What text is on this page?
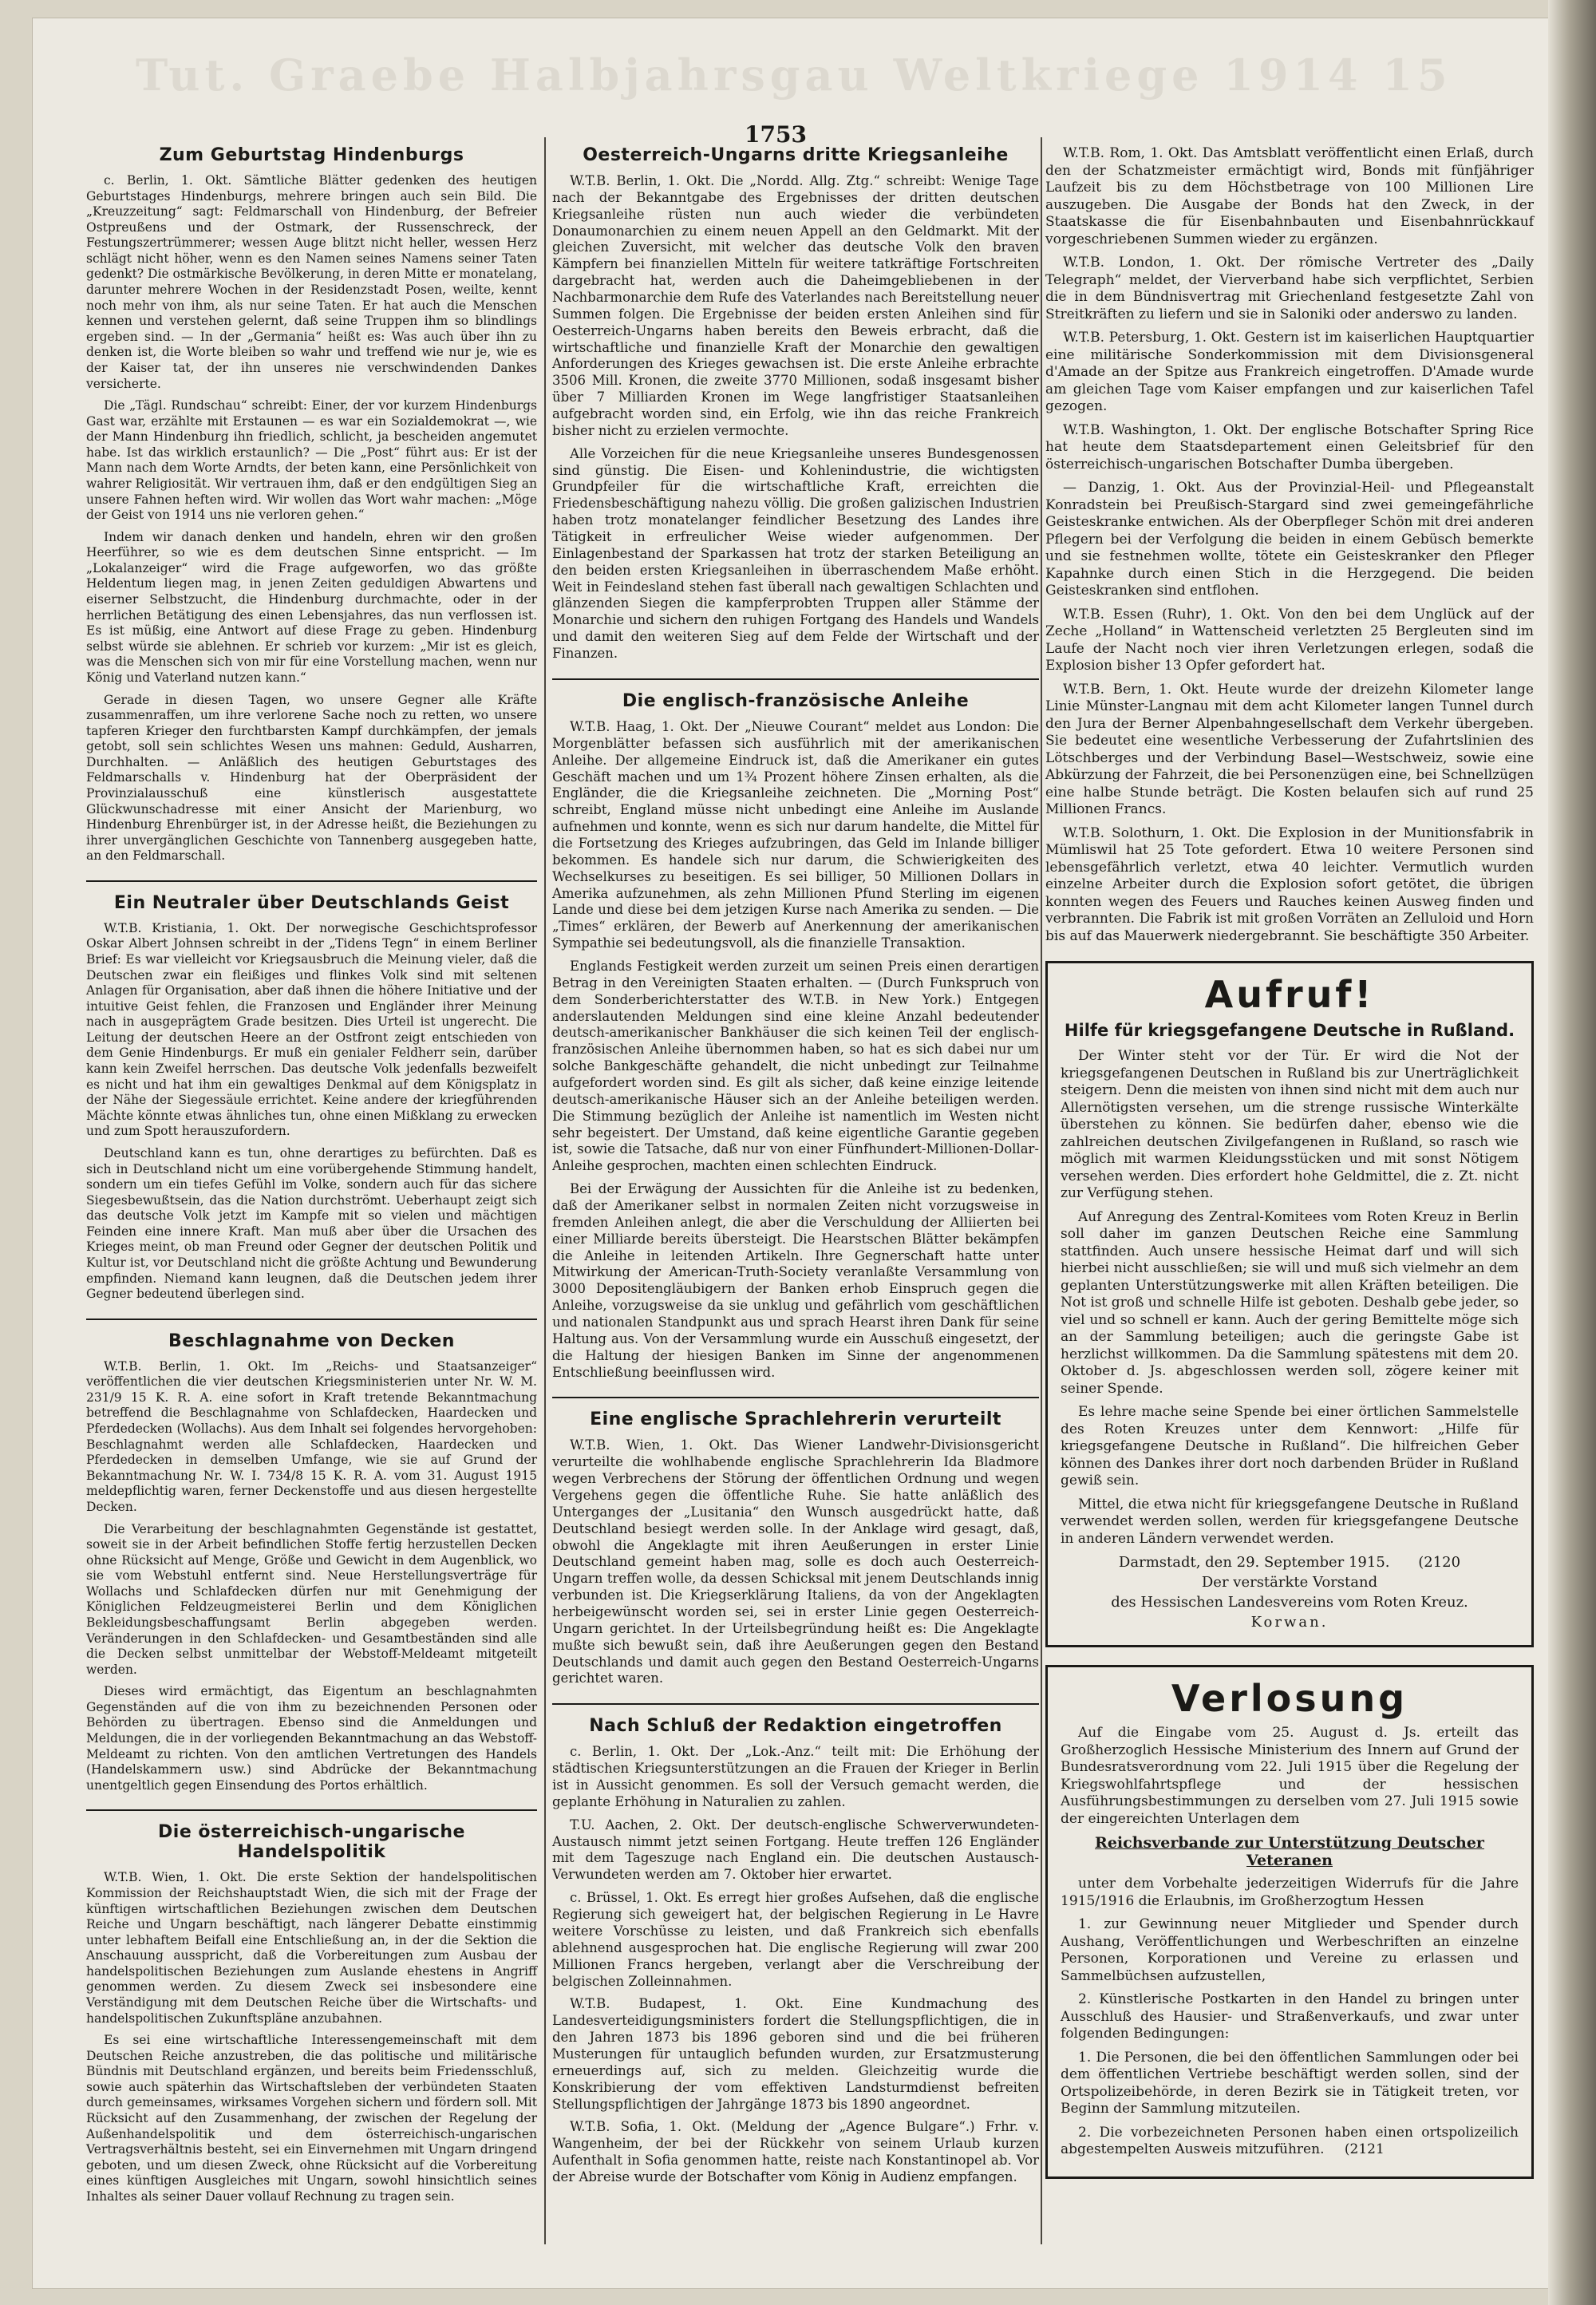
Tut. Graebe Halbjahrsgau Weltkriege 1914 15
1753
Zum Geburtstag Hindenburgs

c. Berlin, 1. Okt. Sämtliche Blätter gedenken des heutigen Geburtstages Hindenburgs, mehrere bringen auch sein Bild. Die „Kreuzzeitung“ sagt: Feldmarschall von Hindenburg, der Befreier Ostpreußens und der Ostmark, der Russenschreck, der Festungszertrümmerer; wessen Auge blitzt nicht heller, wessen Herz schlägt nicht höher, wenn es den Namen seines Namens seiner Taten gedenkt? Die ostmärkische Bevölkerung, in deren Mitte er monatelang, darunter mehrere Wochen in der Residenzstadt Posen, weilte, kennt noch mehr von ihm, als nur seine Taten. Er hat auch die Menschen kennen und verstehen gelernt, daß seine Truppen ihm so blindlings ergeben sind. — In der „Germania“ heißt es: Was auch über ihn zu denken ist, die Worte bleiben so wahr und treffend wie nur je, wie es der Kaiser tat, der ihn unseres nie verschwindenden Dankes versicherte.

Die „Tägl. Rundschau“ schreibt: Einer, der vor kurzem Hindenburgs Gast war, erzählte mit Erstaunen — es war ein Sozialdemokrat —, wie der Mann Hindenburg ihn friedlich, schlicht, ja bescheiden angemutet habe. Ist das wirklich erstaunlich? — Die „Post“ führt aus: Er ist der Mann nach dem Worte Arndts, der beten kann, eine Persönlichkeit von wahrer Religiosität. Wir vertrauen ihm, daß er den endgültigen Sieg an unsere Fahnen heften wird. Wir wollen das Wort wahr machen: „Möge der Geist von 1914 uns nie verloren gehen.“

Indem wir danach denken und handeln, ehren wir den großen Heerführer, so wie es dem deutschen Sinne entspricht. — Im „Lokalanzeiger“ wird die Frage aufgeworfen, wo das größte Heldentum liegen mag, in jenen Zeiten geduldigen Abwartens und eiserner Selbstzucht, die Hindenburg durchmachte, oder in der herrlichen Betätigung des einen Lebensjahres, das nun verflossen ist. Es ist müßig, eine Antwort auf diese Frage zu geben. Hindenburg selbst würde sie ablehnen. Er schrieb vor kurzem: „Mir ist es gleich, was die Menschen sich von mir für eine Vorstellung machen, wenn nur König und Vaterland nutzen kann.“

Gerade in diesen Tagen, wo unsere Gegner alle Kräfte zusammenraffen, um ihre verlorene Sache noch zu retten, wo unsere tapferen Krieger den furchtbarsten Kampf durchkämpfen, der jemals getobt, soll sein schlichtes Wesen uns mahnen: Geduld, Ausharren, Durchhalten. — Anläßlich des heutigen Geburtstages des Feldmarschalls v. Hindenburg hat der Oberpräsident der Provinzialausschuß eine künstlerisch ausgestattete Glückwunschadresse mit einer Ansicht der Marienburg, wo Hindenburg Ehrenbürger ist, in der Adresse heißt, die Beziehungen zu ihrer unvergänglichen Geschichte von Tannenberg ausgegeben hatte, an den Feldmarschall.

Ein Neutraler über Deutschlands Geist

W.T.B. Kristiania, 1. Okt. Der norwegische Geschichtsprofessor Oskar Albert Johnsen schreibt in der „Tidens Tegn“ in einem Berliner Brief: Es war vielleicht vor Kriegsausbruch die Meinung vieler, daß die Deutschen zwar ein fleißiges und flinkes Volk sind mit seltenen Anlagen für Organisation, aber daß ihnen die höhere Initiative und der intuitive Geist fehlen, die Franzosen und Engländer ihrer Meinung nach in ausgeprägtem Grade besitzen. Dies Urteil ist ungerecht. Die Leitung der deutschen Heere an der Ostfront zeigt entschieden von dem Genie Hindenburgs. Er muß ein genialer Feldherr sein, darüber kann kein Zweifel herrschen. Das deutsche Volk jedenfalls bezweifelt es nicht und hat ihm ein gewaltiges Denkmal auf dem Königsplatz in der Nähe der Siegessäule errichtet. Keine andere der kriegführenden Mächte könnte etwas ähnliches tun, ohne einen Mißklang zu erwecken und zum Spott herauszufordern.

Deutschland kann es tun, ohne derartiges zu befürchten. Daß es sich in Deutschland nicht um eine vorübergehende Stimmung handelt, sondern um ein tiefes Gefühl im Volke, sondern auch für das sichere Siegesbewußtsein, das die Nation durchströmt. Ueberhaupt zeigt sich das deutsche Volk jetzt im Kampfe mit so vielen und mächtigen Feinden eine innere Kraft. Man muß aber über die Ursachen des Krieges meint, ob man Freund oder Gegner der deutschen Politik und Kultur ist, vor Deutschland nicht die größte Achtung und Bewunderung empfinden. Niemand kann leugnen, daß die Deutschen jedem ihrer Gegner bedeutend überlegen sind.

Beschlagnahme von Decken

W.T.B. Berlin, 1. Okt. Im „Reichs- und Staatsanzeiger“ veröffentlichen die vier deutschen Kriegsministerien unter Nr. W. M. 231/9 15 K. R. A. eine sofort in Kraft tretende Bekanntmachung betreffend die Beschlagnahme von Schlafdecken, Haardecken und Pferdedecken (Wollachs). Aus dem Inhalt sei folgendes hervorgehoben: Beschlagnahmt werden alle Schlafdecken, Haardecken und Pferdedecken in demselben Umfange, wie sie auf Grund der Bekanntmachung Nr. W. I. 734/8 15 K. R. A. vom 31. August 1915 meldepflichtig waren, ferner Deckenstoffe und aus diesen hergestellte Decken.

Die Verarbeitung der beschlagnahmten Gegenstände ist gestattet, soweit sie in der Arbeit befindlichen Stoffe fertig herzustellen Decken ohne Rücksicht auf Menge, Größe und Gewicht in dem Augenblick, wo sie vom Webstuhl entfernt sind. Neue Herstellungsverträge für Wollachs und Schlafdecken dürfen nur mit Genehmigung der Königlichen Feldzeugmeisterei Berlin und dem Königlichen Bekleidungsbeschaffungsamt Berlin abgegeben werden. Veränderungen in den Schlafdecken- und Gesamtbeständen sind alle die Decken selbst unmittelbar der Webstoff-Meldeamt mitgeteilt werden.

Dieses wird ermächtigt, das Eigentum an beschlagnahmten Gegenständen auf die von ihm zu bezeichnenden Personen oder Behörden zu übertragen. Ebenso sind die Anmeldungen und Meldungen, die in der vorliegenden Bekanntmachung an das Webstoff-Meldeamt zu richten. Von den amtlichen Vertretungen des Handels (Handelskammern usw.) sind Abdrücke der Bekanntmachung unentgeltlich gegen Einsendung des Portos erhältlich.

Die österreichisch-ungarische Handelspolitik

W.T.B. Wien, 1. Okt. Die erste Sektion der handelspolitischen Kommission der Reichshauptstadt Wien, die sich mit der Frage der künftigen wirtschaftlichen Beziehungen zwischen dem Deutschen Reiche und Ungarn beschäftigt, nach längerer Debatte einstimmig unter lebhaftem Beifall eine Entschließung an, in der die Sektion die Anschauung ausspricht, daß die Vorbereitungen zum Ausbau der handelspolitischen Beziehungen zum Auslande ehestens in Angriff genommen werden. Zu diesem Zweck sei insbesondere eine Verständigung mit dem Deutschen Reiche über die Wirtschafts- und handelspolitischen Zukunftspläne anzubahnen.

Es sei eine wirtschaftliche Interessengemeinschaft mit dem Deutschen Reiche anzustreben, die das politische und militärische Bündnis mit Deutschland ergänzen, und bereits beim Friedensschluß, sowie auch späterhin das Wirtschaftsleben der verbündeten Staaten durch gemeinsames, wirksames Vorgehen sichern und fördern soll. Mit Rücksicht auf den Zusammenhang, der zwischen der Regelung der Außenhandelspolitik und dem österreichisch-ungarischen Vertragsverhältnis besteht, sei ein Einvernehmen mit Ungarn dringend geboten, und um diesen Zweck, ohne Rücksicht auf die Vorbereitung eines künftigen Ausgleiches mit Ungarn, sowohl hinsichtlich seines Inhaltes als seiner Dauer vollauf Rechnung zu tragen sein.

Oesterreich-Ungarns dritte Kriegsanleihe

W.T.B. Berlin, 1. Okt. Die „Nordd. Allg. Ztg.“ schreibt: Wenige Tage nach der Bekanntgabe des Ergebnisses der dritten deutschen Kriegsanleihe rüsten nun auch wieder die verbündeten Donaumonarchien zu einem neuen Appell an den Geldmarkt. Mit der gleichen Zuversicht, mit welcher das deutsche Volk den braven Kämpfern bei finanziellen Mitteln für weitere tatkräftige Fortschreiten dargebracht hat, werden auch die Daheimgebliebenen in der Nachbarmonarchie dem Rufe des Vaterlandes nach Bereitstellung neuer Summen folgen. Die Ergebnisse der beiden ersten Anleihen sind für Oesterreich-Ungarns haben bereits den Beweis erbracht, daß die wirtschaftliche und finanzielle Kraft der Monarchie den gewaltigen Anforderungen des Krieges gewachsen ist. Die erste Anleihe erbrachte 3506 Mill. Kronen, die zweite 3770 Millionen, sodaß insgesamt bisher über 7 Milliarden Kronen im Wege langfristiger Staatsanleihen aufgebracht worden sind, ein Erfolg, wie ihn das reiche Frankreich bisher nicht zu erzielen vermochte.

Alle Vorzeichen für die neue Kriegsanleihe unseres Bundesgenossen sind günstig. Die Eisen- und Kohlenindustrie, die wichtigsten Grundpfeiler für die wirtschaftliche Kraft, erreichten die Friedensbeschäftigung nahezu völlig. Die großen galizischen Industrien haben trotz monatelanger feindlicher Besetzung des Landes ihre Tätigkeit in erfreulicher Weise wieder aufgenommen. Der Einlagenbestand der Sparkassen hat trotz der starken Beteiligung an den beiden ersten Kriegsanleihen in überraschendem Maße erhöht. Weit in Feindesland stehen fast überall nach gewaltigen Schlachten und glänzenden Siegen die kampferprobten Truppen aller Stämme der Monarchie und sichern den ruhigen Fortgang des Handels und Wandels und damit den weiteren Sieg auf dem Felde der Wirtschaft und der Finanzen.

Die englisch-französische Anleihe

W.T.B. Haag, 1. Okt. Der „Nieuwe Courant“ meldet aus London: Die Morgenblätter befassen sich ausführlich mit der amerikanischen Anleihe. Der allgemeine Eindruck ist, daß die Amerikaner ein gutes Geschäft machen und um 1¾ Prozent höhere Zinsen erhalten, als die Engländer, die die Kriegsanleihe zeichneten. Die „Morning Post“ schreibt, England müsse nicht unbedingt eine Anleihe im Auslande aufnehmen und konnte, wenn es sich nur darum handelte, die Mittel für die Fortsetzung des Krieges aufzubringen, das Geld im Inlande billiger bekommen. Es handele sich nur darum, die Schwierigkeiten des Wechselkurses zu beseitigen. Es sei billiger, 50 Millionen Dollars in Amerika aufzunehmen, als zehn Millionen Pfund Sterling im eigenen Lande und diese bei dem jetzigen Kurse nach Amerika zu senden. — Die „Times“ erklären, der Bewerb auf Anerkennung der amerikanischen Sympathie sei bedeutungsvoll, als die finanzielle Transaktion.

Englands Festigkeit werden zurzeit um seinen Preis einen derartigen Betrag in den Vereinigten Staaten erhalten. — (Durch Funkspruch von dem Sonderberichterstatter des W.T.B. in New York.) Entgegen anderslautenden Meldungen sind eine kleine Anzahl bedeutender deutsch-amerikanischer Bankhäuser die sich keinen Teil der englisch-französischen Anleihe übernommen haben, so hat es sich dabei nur um solche Bankgeschäfte gehandelt, die nicht unbedingt zur Teilnahme aufgefordert worden sind. Es gilt als sicher, daß keine einzige leitende deutsch-amerikanische Häuser sich an der Anleihe beteiligen werden. Die Stimmung bezüglich der Anleihe ist namentlich im Westen nicht sehr begeistert. Der Umstand, daß keine eigentliche Garantie gegeben ist, sowie die Tatsache, daß nur von einer Fünfhundert-Millionen-Dollar-Anleihe gesprochen, machten einen schlechten Eindruck.

Bei der Erwägung der Aussichten für die Anleihe ist zu bedenken, daß der Amerikaner selbst in normalen Zeiten nicht vorzugsweise in fremden Anleihen anlegt, die aber die Verschuldung der Alliierten bei einer Milliarde bereits übersteigt. Die Hearstschen Blätter bekämpfen die Anleihe in leitenden Artikeln. Ihre Gegnerschaft hatte unter Mitwirkung der American-Truth-Society veranlaßte Versammlung von 3000 Depositengläubigern der Banken erhob Einspruch gegen die Anleihe, vorzugsweise da sie unklug und gefährlich vom geschäftlichen und nationalen Standpunkt aus und sprach Hearst ihren Dank für seine Haltung aus. Von der Versammlung wurde ein Ausschuß eingesetzt, der die Haltung der hiesigen Banken im Sinne der angenommenen Entschließung beeinflussen wird.

Eine englische Sprachlehrerin verurteilt

W.T.B. Wien, 1. Okt. Das Wiener Landwehr-Divisionsgericht verurteilte die wohlhabende englische Sprachlehrerin Ida Bladmore wegen Verbrechens der Störung der öffentlichen Ordnung und wegen Vergehens gegen die öffentliche Ruhe. Sie hatte anläßlich des Unterganges der „Lusitania“ den Wunsch ausgedrückt hatte, daß Deutschland besiegt werden solle. In der Anklage wird gesagt, daß, obwohl die Angeklagte mit ihren Aeußerungen in erster Linie Deutschland gemeint haben mag, solle es doch auch Oesterreich-Ungarn treffen wolle, da dessen Schicksal mit jenem Deutschlands innig verbunden ist. Die Kriegserklärung Italiens, da von der Angeklagten herbeigewünscht worden sei, sei in erster Linie gegen Oesterreich-Ungarn gerichtet. In der Urteilsbegründung heißt es: Die Angeklagte mußte sich bewußt sein, daß ihre Aeußerungen gegen den Bestand Deutschlands und damit auch gegen den Bestand Oesterreich-Ungarns gerichtet waren.

Nach Schluß der Redaktion eingetroffen

c. Berlin, 1. Okt. Der „Lok.-Anz.“ teilt mit: Die Erhöhung der städtischen Kriegsunterstützungen an die Frauen der Krieger in Berlin ist in Aussicht genommen. Es soll der Versuch gemacht werden, die geplante Erhöhung in Naturalien zu zahlen.

T.U. Aachen, 2. Okt. Der deutsch-englische Schwerverwundeten-Austausch nimmt jetzt seinen Fortgang. Heute treffen 126 Engländer mit dem Tageszuge nach England ein. Die deutschen Austausch-Verwundeten werden am 7. Oktober hier erwartet.

c. Brüssel, 1. Okt. Es erregt hier großes Aufsehen, daß die englische Regierung sich geweigert hat, der belgischen Regierung in Le Havre weitere Vorschüsse zu leisten, und daß Frankreich sich ebenfalls ablehnend ausgesprochen hat. Die englische Regierung will zwar 200 Millionen Francs hergeben, verlangt aber die Verschreibung der belgischen Zolleinnahmen.

W.T.B. Budapest, 1. Okt. Eine Kundmachung des Landesverteidigungsministers fordert die Stellungspflichtigen, die in den Jahren 1873 bis 1896 geboren sind und die bei früheren Musterungen für untauglich befunden wurden, zur Ersatzmusterung erneuerdings auf, sich zu melden. Gleichzeitig wurde die Konskribierung der vom effektiven Landsturmdienst befreiten Stellungspflichtigen der Jahrgänge 1873 bis 1890 angeordnet.

W.T.B. Sofia, 1. Okt. (Meldung der „Agence Bulgare“.) Frhr. v. Wangenheim, der bei der Rückkehr von seinem Urlaub kurzen Aufenthalt in Sofia genommen hatte, reiste nach Konstantinopel ab. Vor der Abreise wurde der Botschafter vom König in Audienz empfangen.

W.T.B. Rom, 1. Okt. Das Amtsblatt veröffentlicht einen Erlaß, durch den der Schatzmeister ermächtigt wird, Bonds mit fünfjähriger Laufzeit bis zu dem Höchstbetrage von 100 Millionen Lire auszugeben. Die Ausgabe der Bonds hat den Zweck, in der Staatskasse die für Eisenbahnbauten und Eisenbahnrückkauf vorgeschriebenen Summen wieder zu ergänzen.

W.T.B. London, 1. Okt. Der römische Vertreter des „Daily Telegraph“ meldet, der Vierverband habe sich verpflichtet, Serbien die in dem Bündnisvertrag mit Griechenland festgesetzte Zahl von Streitkräften zu liefern und sie in Saloniki oder anderswo zu landen.

W.T.B. Petersburg, 1. Okt. Gestern ist im kaiserlichen Hauptquartier eine militärische Sonderkommission mit dem Divisionsgeneral d'Amade an der Spitze aus Frankreich eingetroffen. D'Amade wurde am gleichen Tage vom Kaiser empfangen und zur kaiserlichen Tafel gezogen.

W.T.B. Washington, 1. Okt. Der englische Botschafter Spring Rice hat heute dem Staatsdepartement einen Geleitsbrief für den österreichisch-ungarischen Botschafter Dumba übergeben.

— Danzig, 1. Okt. Aus der Provinzial-Heil- und Pflegeanstalt Konradstein bei Preußisch-Stargard sind zwei gemeingefährliche Geisteskranke entwichen. Als der Oberpfleger Schön mit drei anderen Pflegern bei der Verfolgung die beiden in einem Gebüsch bemerkte und sie festnehmen wollte, tötete ein Geisteskranker den Pfleger Kapahnke durch einen Stich in die Herzgegend. Die beiden Geisteskranken sind entflohen.

W.T.B. Essen (Ruhr), 1. Okt. Von den bei dem Unglück auf der Zeche „Holland“ in Wattenscheid verletzten 25 Bergleuten sind im Laufe der Nacht noch vier ihren Verletzungen erlegen, sodaß die Explosion bisher 13 Opfer gefordert hat.

W.T.B. Bern, 1. Okt. Heute wurde der dreizehn Kilometer lange Linie Münster-Langnau mit dem acht Kilometer langen Tunnel durch den Jura der Berner Alpenbahngesellschaft dem Verkehr übergeben. Sie bedeutet eine wesentliche Verbesserung der Zufahrtslinien des Lötschberges und der Verbindung Basel—Westschweiz, sowie eine Abkürzung der Fahrzeit, die bei Personenzügen eine, bei Schnellzügen eine halbe Stunde beträgt. Die Kosten belaufen sich auf rund 25 Millionen Francs.

W.T.B. Solothurn, 1. Okt. Die Explosion in der Munitionsfabrik in Mümliswil hat 25 Tote gefordert. Etwa 10 weitere Personen sind lebensgefährlich verletzt, etwa 40 leichter. Vermutlich wurden einzelne Arbeiter durch die Explosion sofort getötet, die übrigen konnten wegen des Feuers und Rauches keinen Ausweg finden und verbrannten. Die Fabrik ist mit großen Vorräten an Zelluloid und Horn bis auf das Mauerwerk niedergebrannt. Sie beschäftigte 350 Arbeiter.

Aufruf!
Hilfe für kriegsgefangene Deutsche in Rußland.

Der Winter steht vor der Tür. Er wird die Not der kriegsgefangenen Deutschen in Rußland bis zur Unerträglichkeit steigern. Denn die meisten von ihnen sind nicht mit dem auch nur Allernötigsten versehen, um die strenge russische Winterkälte überstehen zu können. Sie bedürfen daher, ebenso wie die zahlreichen deutschen Zivilgefangenen in Rußland, so rasch wie möglich mit warmen Kleidungsstücken und mit sonst Nötigem versehen werden. Dies erfordert hohe Geldmittel, die z. Zt. nicht zur Verfügung stehen.

Auf Anregung des Zentral-Komitees vom Roten Kreuz in Berlin soll daher im ganzen Deutschen Reiche eine Sammlung stattfinden. Auch unsere hessische Heimat darf und will sich hierbei nicht ausschließen; sie will und muß sich vielmehr an dem geplanten Unterstützungswerke mit allen Kräften beteiligen. Die Not ist groß und schnelle Hilfe ist geboten. Deshalb gebe jeder, so viel und so schnell er kann. Auch der gering Bemittelte möge sich an der Sammlung beteiligen; auch die geringste Gabe ist herzlichst willkommen. Da die Sammlung spätestens mit dem 20. Oktober d. Js. abgeschlossen werden soll, zögere keiner mit seiner Spende.

Es lehre mache seine Spende bei einer örtlichen Sammelstelle des Roten Kreuzes unter dem Kennwort: „Hilfe für kriegsgefangene Deutsche in Rußland“. Die hilfreichen Geber können des Dankes ihrer dort noch darbenden Brüder in Rußland gewiß sein.

Mittel, die etwa nicht für kriegsgefangene Deutsche in Rußland verwendet werden sollen, werden für kriegsgefangene Deutsche in anderen Ländern verwendet werden.

Darmstadt, den 29. September 1915. (2120
Der verstärkte Vorstand
des Hessischen Landesvereins vom Roten Kreuz.
Korwan.
Verlosung

Auf die Eingabe vom 25. August d. Js. erteilt das Großherzoglich Hessische Ministerium des Innern auf Grund der Bundesratsverordnung vom 22. Juli 1915 über die Regelung der Kriegswohlfahrtspflege und der hessischen Ausführungsbestimmungen zu derselben vom 27. Juli 1915 sowie der eingereichten Unterlagen dem

Reichsverbande zur Unterstützung Deutscher Veteranen

unter dem Vorbehalte jederzeitigen Widerrufs für die Jahre 1915/1916 die Erlaubnis, im Großherzogtum Hessen

1. zur Gewinnung neuer Mitglieder und Spender durch Aushang, Veröffentlichungen und Werbeschriften an einzelne Personen, Korporationen und Vereine zu erlassen und Sammelbüchsen aufzustellen,

2. Künstlerische Postkarten in den Handel zu bringen unter Ausschluß des Hausier- und Straßenverkaufs, und zwar unter folgenden Bedingungen:

1. Die Personen, die bei den öffentlichen Sammlungen oder bei dem öffentlichen Vertriebe beschäftigt werden sollen, sind der Ortspolizeibehörde, in deren Bezirk sie in Tätigkeit treten, vor Beginn der Sammlung mitzuteilen.

2. Die vorbezeichneten Personen haben einen ortspolizeilich abgestempelten Ausweis mitzuführen. (2121
